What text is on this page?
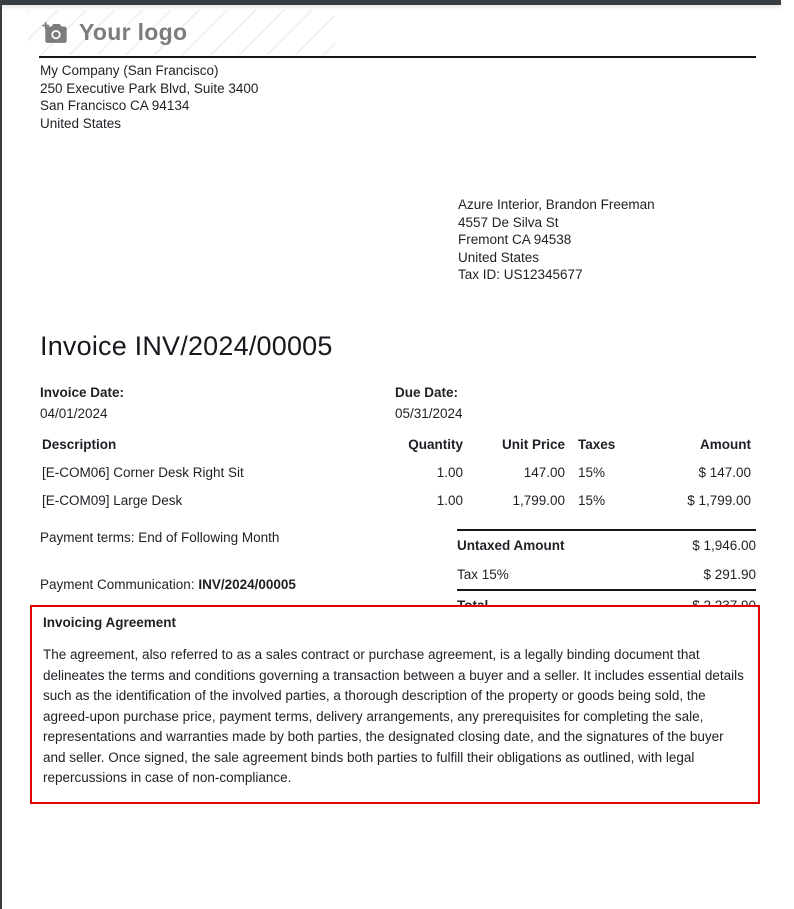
Your logo
My Company (San Francisco)
250 Executive Park Blvd, Suite 3400
San Francisco CA 94134
United States
Azure Interior, Brandon Freeman
4557 De Silva St
Fremont CA 94538
United States
Tax ID: US12345677
Invoice INV/2024/00005
Invoice Date:
04/01/2024
Due Date:
05/31/2024
Description	Quantity	Unit Price	Taxes	Amount
[E-COM06] Corner Desk Right Sit	1.00	147.00	15%	$ 147.00
[E-COM09] Large Desk	1.00	1,799.00	15%	$ 1,799.00
Payment terms: End of Following Month
Payment Communication: INV/2024/00005
Untaxed Amount	$ 1,946.00
Tax 15%	$ 291.90

Invoicing Agreement

The agreement, also referred to as a sales contract or purchase agreement, is a legally binding document that delineates the terms and conditions governing a transaction between a buyer and a seller. It includes essential details such as the identification of the involved parties, a thorough description of the property or goods being sold, the agreed-upon purchase price, payment terms, delivery arrangements, any prerequisites for completing the sale, representations and warranties made by both parties, the designated closing date, and the signatures of the buyer and seller. Once signed, the sale agreement binds both parties to fulfill their obligations as outlined, with legal repercussions in case of non-compliance.
